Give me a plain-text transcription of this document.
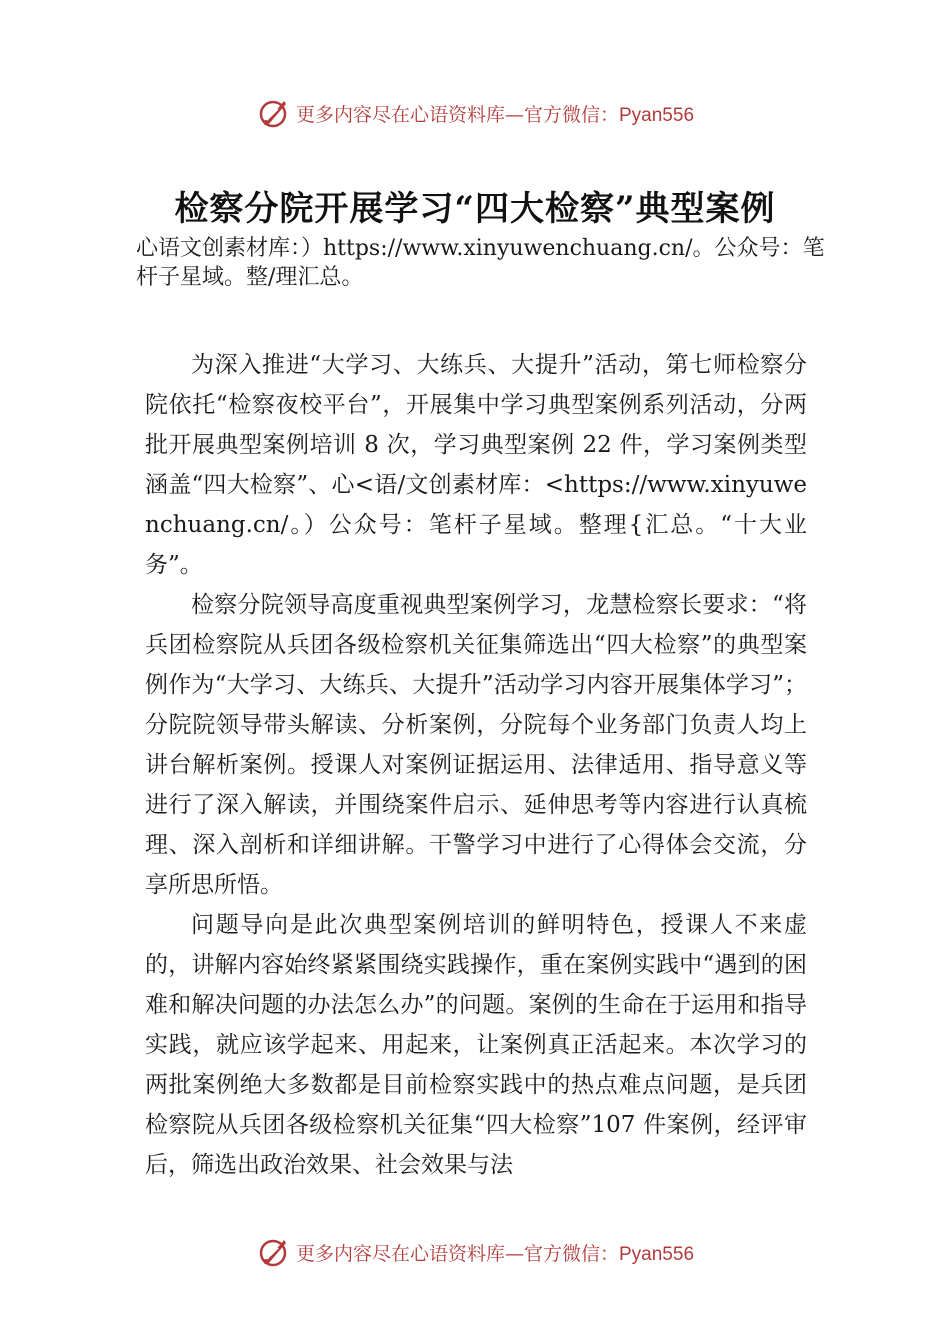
更多内容尽在心语资料库—官方微信：Pyan556
检察分院开展学习“四大检察”典型案例

心语文创素材库：）https://www.xinyuwenchuang.cn/。公众号：笔杆子星域。整/理汇总。

为深入推进“大学习、大练兵、大提升”活动，第七师检察分院依托“检察夜校平台”，开展集中学习典型案例系列活动，分两批开展典型案例培训 8 次，学习典型案例 22 件，学习案例类型涵盖“四大检察”、心<语/文创素材库：<https://www.xinyuwenchuang.cn/。）公众号：笔杆子星域。整理{汇总。“十大业务”。

检察分院领导高度重视典型案例学习，龙慧检察长要求：“将兵团检察院从兵团各级检察机关征集筛选出“四大检察”的典型案例作为“大学习、大练兵、大提升”活动学习内容开展集体学习”；分院院领导带头解读、分析案例，分院每个业务部门负责人均上讲台解析案例。授课人对案例证据运用、法律适用、指导意义等进行了深入解读，并围绕案件启示、延伸思考等内容进行认真梳理、深入剖析和详细讲解。干警学习中进行了心得体会交流，分享所思所悟。

问题导向是此次典型案例培训的鲜明特色，授课人不来虚的，讲解内容始终紧紧围绕实践操作，重在案例实践中“遇到的困难和解决问题的办法怎么办”的问题。案例的生命在于运用和指导实践，就应该学起来、用起来，让案例真正活起来。本次学习的两批案例绝大多数都是目前检察实践中的热点难点问题，是兵团检察院从兵团各级检察机关征集“四大检察”107 件案例，经评审后，筛选出政治效果、社会效果与法

更多内容尽在心语资料库—官方微信：Pyan556
